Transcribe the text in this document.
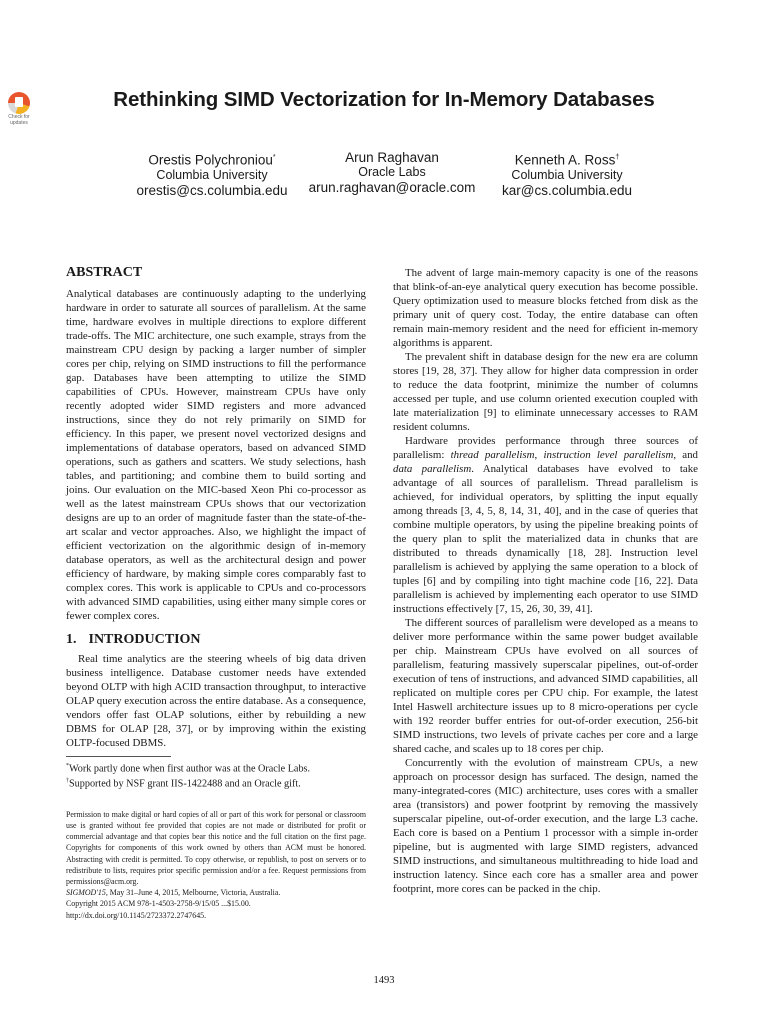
Check for updates
Rethinking SIMD Vectorization for In-Memory Databases
Orestis Polychroniou*
Columbia University
orestis@cs.columbia.edu
Arun Raghavan
Oracle Labs
arun.raghavan@oracle.com
Kenneth A. Ross†
Columbia University
kar@cs.columbia.edu
ABSTRACT

Analytical databases are continuously adapting to the underlying hardware in order to saturate all sources of parallelism. At the same time, hardware evolves in multiple directions to explore different trade-offs. The MIC architecture, one such example, strays from the mainstream CPU design by packing a larger number of simpler cores per chip, relying on SIMD instructions to fill the performance gap. Databases have been attempting to utilize the SIMD capabilities of CPUs. However, mainstream CPUs have only recently adopted wider SIMD registers and more advanced instructions, since they do not rely primarily on SIMD for efficiency. In this paper, we present novel vectorized designs and implementations of database operators, based on advanced SIMD operations, such as gathers and scatters. We study selections, hash tables, and partitioning; and combine them to build sorting and joins. Our evaluation on the MIC-based Xeon Phi co-processor as well as the latest mainstream CPUs shows that our vectorization designs are up to an order of magnitude faster than the state-of-the-art scalar and vector approaches. Also, we highlight the impact of efficient vectorization on the algorithmic design of in-memory database operators, as well as the architectural design and power efficiency of hardware, by making simple cores comparably fast to complex cores. This work is applicable to CPUs and co-processors with advanced SIMD capabilities, using either many simple cores or fewer complex cores.

1. INTRODUCTION

Real time analytics are the steering wheels of big data driven business intelligence. Database customer needs have extended beyond OLTP with high ACID transaction throughput, to interactive OLAP query execution across the entire database. As a consequence, vendors offer fast OLAP solutions, either by rebuilding a new DBMS for OLAP [28, 37], or by improving within the existing OLTP-focused DBMS.

*Work partly done when first author was at the Oracle Labs.
†Supported by NSF grant IIS-1422488 and an Oracle gift.

Permission to make digital or hard copies of all or part of this work for personal or classroom use is granted without fee provided that copies are not made or distributed for profit or commercial advantage and that copies bear this notice and the full citation on the first page. Copyrights for components of this work owned by others than ACM must be honored. Abstracting with credit is permitted. To copy otherwise, or republish, to post on servers or to redistribute to lists, requires prior specific permission and/or a fee. Request permissions from permissions@acm.org.

SIGMOD'15, May 31–June 4, 2015, Melbourne, Victoria, Australia.
Copyright 2015 ACM 978-1-4503-2758-9/15/05 ...$15.00.
http://dx.doi.org/10.1145/2723372.2747645.

The advent of large main-memory capacity is one of the reasons that blink-of-an-eye analytical query execution has become possible. Query optimization used to measure blocks fetched from disk as the primary unit of query cost. Today, the entire database can often remain main-memory resident and the need for efficient in-memory algorithms is apparent.

The prevalent shift in database design for the new era are column stores [19, 28, 37]. They allow for higher data compression in order to reduce the data footprint, minimize the number of columns accessed per tuple, and use column oriented execution coupled with late materialization [9] to eliminate unnecessary accesses to RAM resident columns.

Hardware provides performance through three sources of parallelism: thread parallelism, instruction level parallelism, and data parallelism. Analytical databases have evolved to take advantage of all sources of parallelism. Thread parallelism is achieved, for individual operators, by splitting the input equally among threads [3, 4, 5, 8, 14, 31, 40], and in the case of queries that combine multiple operators, by using the pipeline breaking points of the query plan to split the materialized data in chunks that are distributed to threads dynamically [18, 28]. Instruction level parallelism is achieved by applying the same operation to a block of tuples [6] and by compiling into tight machine code [16, 22]. Data parallelism is achieved by implementing each operator to use SIMD instructions effectively [7, 15, 26, 30, 39, 41].

The different sources of parallelism were developed as a means to deliver more performance within the same power budget available per chip. Mainstream CPUs have evolved on all sources of parallelism, featuring massively superscalar pipelines, out-of-order execution of tens of instructions, and advanced SIMD capabilities, all replicated on multiple cores per CPU chip. For example, the latest Intel Haswell architecture issues up to 8 micro-operations per cycle with 192 reorder buffer entries for out-of-order execution, 256-bit SIMD instructions, two levels of private caches per core and a large shared cache, and scales up to 18 cores per chip.

Concurrently with the evolution of mainstream CPUs, a new approach on processor design has surfaced. The design, named the many-integrated-cores (MIC) architecture, uses cores with a smaller area (transistors) and power footprint by removing the massively superscalar pipeline, out-of-order execution, and the large L3 cache. Each core is based on a Pentium 1 processor with a simple in-order pipeline, but is augmented with large SIMD registers, advanced SIMD instructions, and simultaneous multithreading to hide load and instruction latency. Since each core has a smaller area and power footprint, more cores can be packed in the chip.

1493
